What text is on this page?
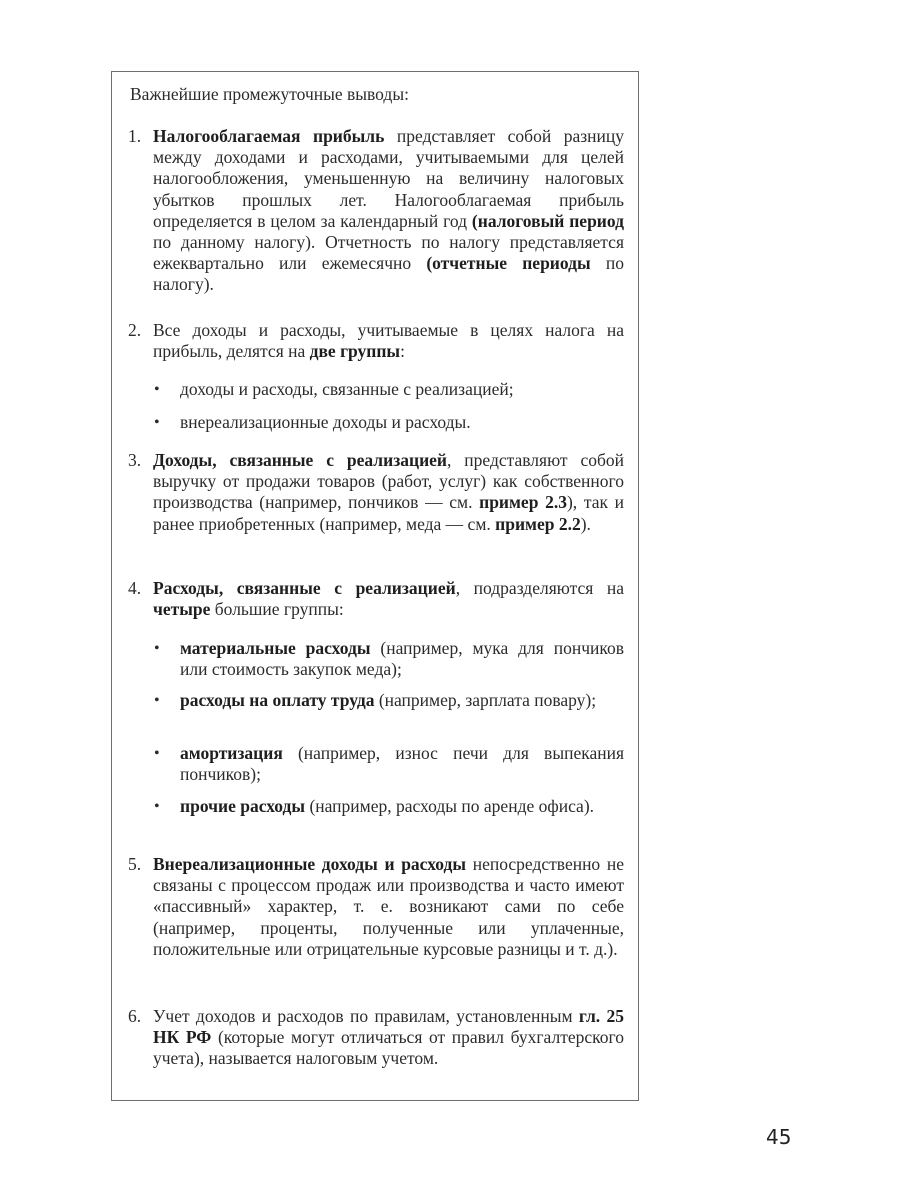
Важнейшие промежуточные выводы:
1. Налогооблагаемая прибыль представляет собой разницу между доходами и расходами, учитываемыми для целей налогообложения, уменьшенную на величину налоговых убытков прошлых лет. Налогооблагаемая прибыль определяется в целом за календарный год (налоговый период по данному налогу). Отчетность по налогу представляется ежеквартально или ежемесячно (отчетные периоды по налогу).
2. Все доходы и расходы, учитываемые в целях налога на прибыль, делятся на две группы:
• доходы и расходы, связанные с реализацией;
• внереализационные доходы и расходы.
3. Доходы, связанные с реализацией, представляют собой выручку от продажи товаров (работ, услуг) как собственного производства (например, пончиков — см. пример 2.3), так и ранее приобретенных (например, меда — см. пример 2.2).
4. Расходы, связанные с реализацией, подразделяются на четыре большие группы:
• материальные расходы (например, мука для пончиков или стоимость закупок меда);
• расходы на оплату труда (например, зарплата повару);
• амортизация (например, износ печи для выпекания пончиков);
• прочие расходы (например, расходы по аренде офиса).
5. Внереализационные доходы и расходы непосредственно не связаны с процессом продаж или производства и часто имеют «пассивный» характер, т. е. возникают сами по себе (например, проценты, полученные или уплаченные, положительные или отрицательные курсовые разницы и т. д.).
6. Учет доходов и расходов по правилам, установленным гл. 25 НК РФ (которые могут отличаться от правил бухгалтерского учета), называется налоговым учетом.
45
